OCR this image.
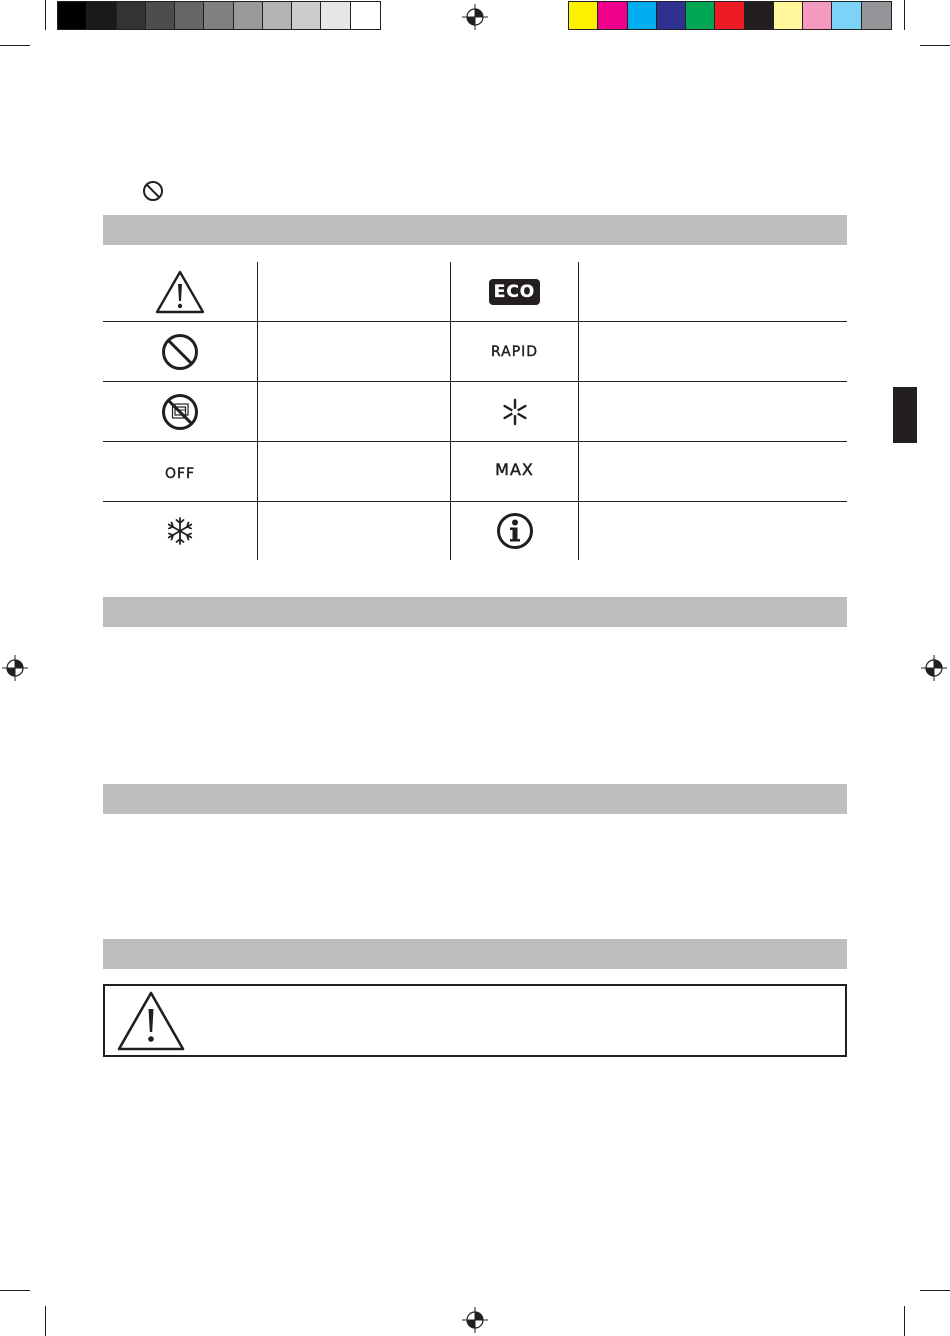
ECO
RAPID
OFF	MAX
